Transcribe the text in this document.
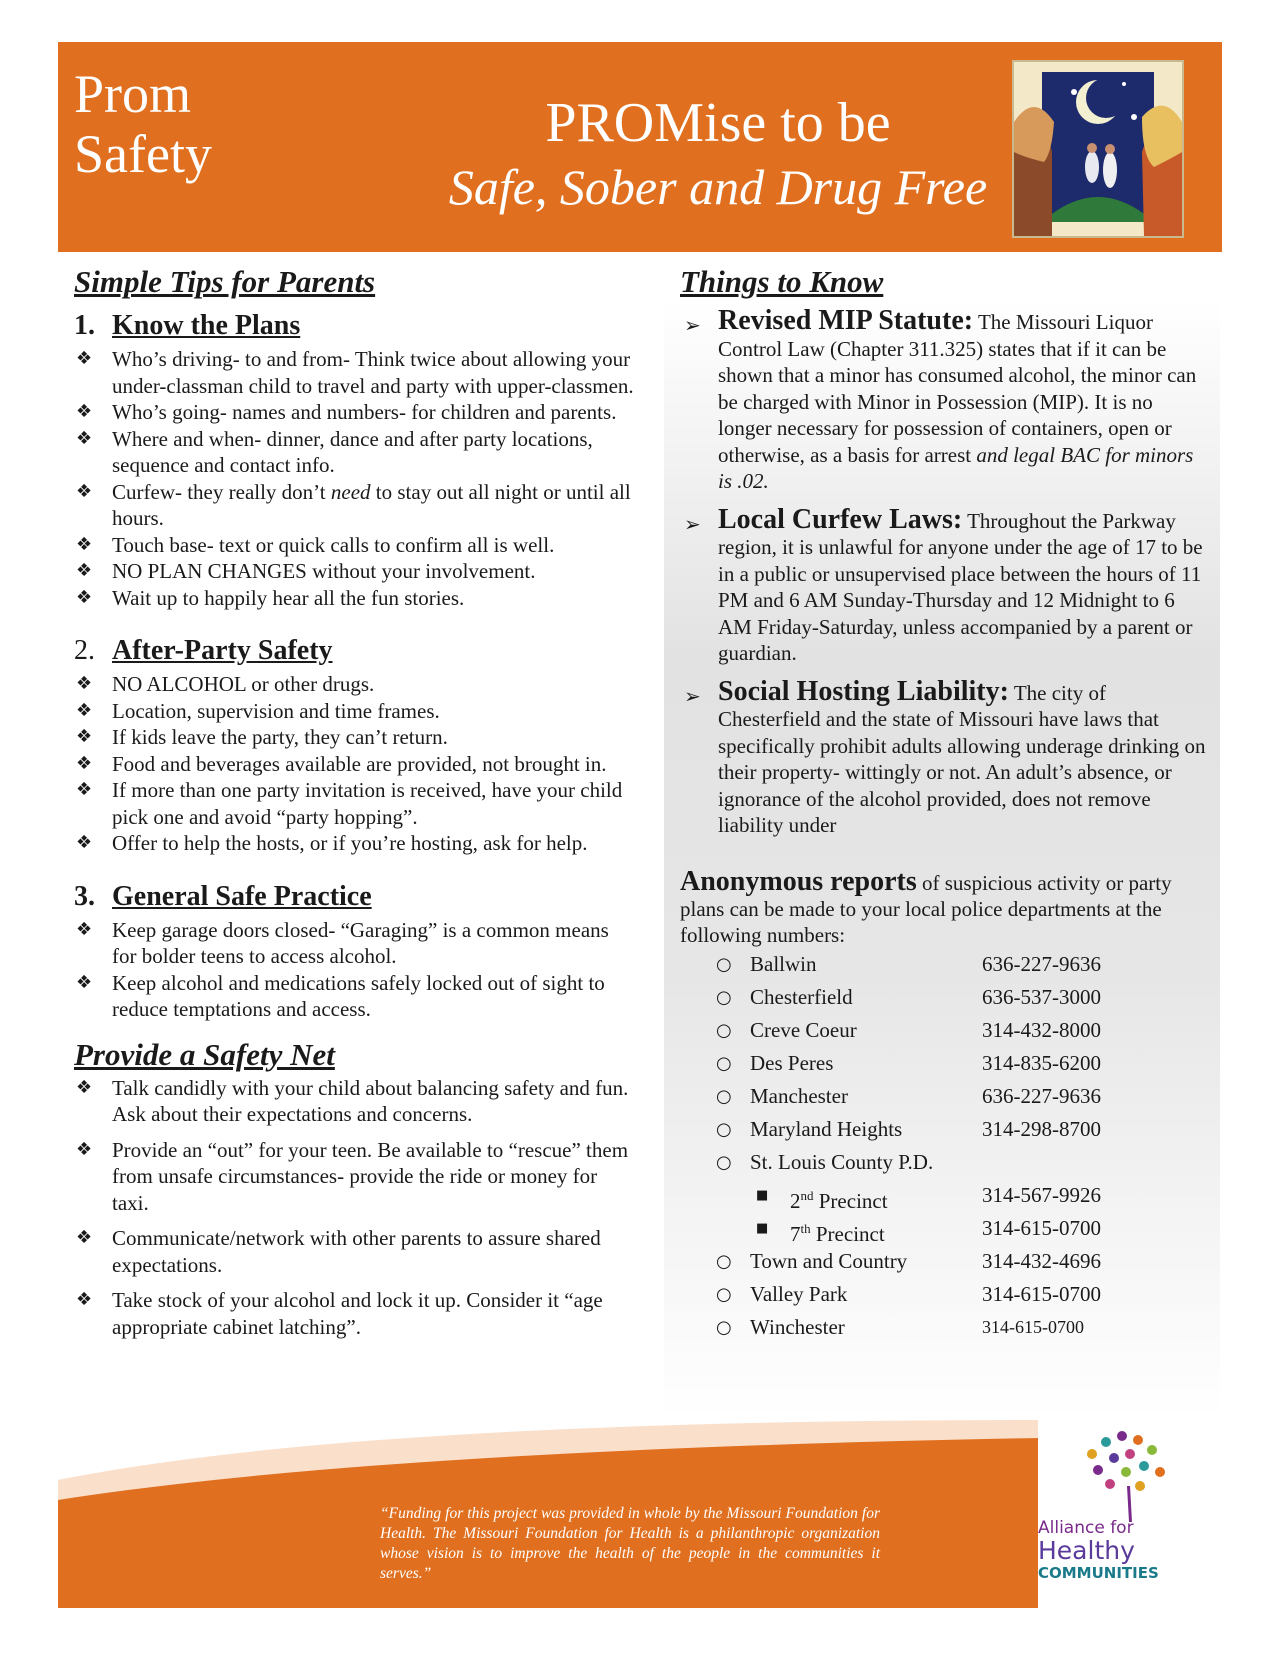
Prom
Safety	PROMise to be
Safe, Sober and Drug Free
Simple Tips for Parents
1. Know the Plans
❖ Who’s driving- to and from- Think twice about allowing your under-classman child to travel and party with upper-classmen.
❖ Who’s going- names and numbers- for children and parents.
❖ Where and when- dinner, dance and after party locations, sequence and contact info.
❖ Curfew- they really don’t need to stay out all night or until all hours.
❖ Touch base- text or quick calls to confirm all is well.
❖ NO PLAN CHANGES without your involvement.
❖ Wait up to happily hear all the fun stories.
2. After-Party Safety
❖ NO ALCOHOL or other drugs.
❖ Location, supervision and time frames.
❖ If kids leave the party, they can’t return.
❖ Food and beverages available are provided, not brought in.
❖ If more than one party invitation is received, have your child pick one and avoid “party hopping”.
❖ Offer to help the hosts, or if you’re hosting, ask for help.
3. General Safe Practice
❖ Keep garage doors closed- “Garaging” is a common means for bolder teens to access alcohol.
❖ Keep alcohol and medications safely locked out of sight to reduce temptations and access.
Provide a Safety Net
❖ Talk candidly with your child about balancing safety and fun. Ask about their expectations and concerns.
❖ Provide an “out” for your teen. Be available to “rescue” them from unsafe circumstances- provide the ride or money for taxi.
❖ Communicate/network with other parents to assure shared expectations.
❖ Take stock of your alcohol and lock it up. Consider it “age appropriate cabinet latching”.
Things to Know
➢ Revised MIP Statute: The Missouri Liquor Control Law (Chapter 311.325) states that if it can be shown that a minor has consumed alcohol, the minor can be charged with Minor in Possession (MIP). It is no longer necessary for possession of containers, open or otherwise, as a basis for arrest and legal BAC for minors is .02.
➢ Local Curfew Laws: Throughout the Parkway region, it is unlawful for anyone under the age of 17 to be in a public or unsupervised place between the hours of 11 PM and 6 AM Sunday-Thursday and 12 Midnight to 6 AM Friday-Saturday, unless accompanied by a parent or guardian.
➢ Social Hosting Liability: The city of Chesterfield and the state of Missouri have laws that specifically prohibit adults allowing underage drinking on their property- wittingly or not. An adult’s absence, or ignorance of the alcohol provided, does not remove liability under
Anonymous reports of suspicious activity or party plans can be made to your local police departments at the following numbers:
○ Ballwin	636-227-9636
○ Chesterfield	636-537-3000
○ Creve Coeur	314-432-8000
○ Des Peres	314-835-6200
○ Manchester	636-227-9636
○ Maryland Heights	314-298-8700
○ St. Louis County P.D.
■ 2nd Precinct	314-567-9926
■ 7th Precinct	314-615-0700
○ Town and Country	314-432-4696
○ Valley Park	314-615-0700
○ Winchester	314-615-0700
“Funding for this project was provided in whole by the Missouri Foundation for Health. The Missouri Foundation for Health is a philanthropic organization whose vision is to improve the health of the people in the communities it serves.”
Alliance for
Healthy
COMMUNITIES
